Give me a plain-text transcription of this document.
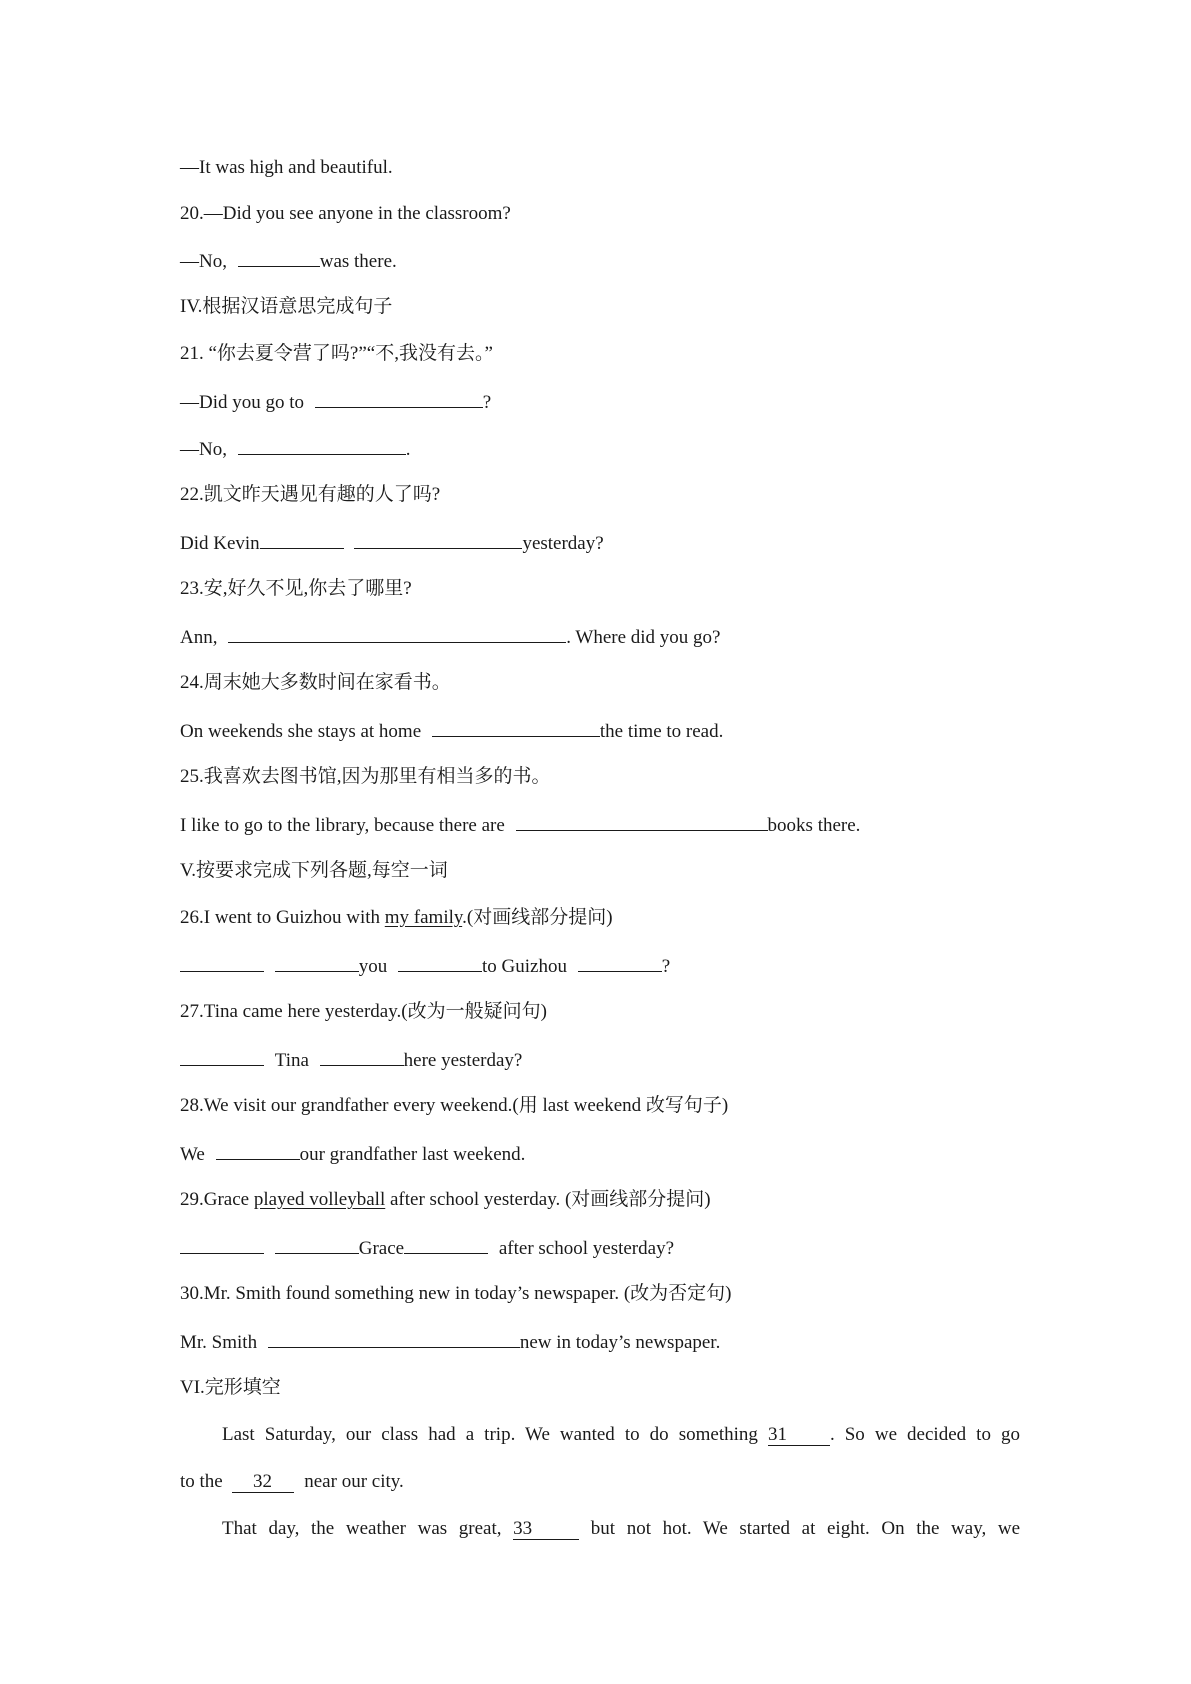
—It was high and beautiful.
20.—Did you see anyone in the classroom?
—No,	was there.
IV.根据汉语意思完成句子
21. “你去夏令营了吗?”“不,我没有去。”
—Did you go to	?
—No,	.
22.凯文昨天遇见有趣的人了吗?
Did Kevin	yesterday?
23.安,好久不见,你去了哪里?
Ann,	. Where did you go?
24.周末她大多数时间在家看书。
On weekends she stays at home	the time to read.
25.我喜欢去图书馆,因为那里有相当多的书。
I like to go to the library, because there are	books there.
V.按要求完成下列各题,每空一词
26.I went to Guizhou with my family.(对画线部分提问)
you	to Guizhou	?
27.Tina came here yesterday.(改为一般疑问句)
Tina	here yesterday?
28.We visit our grandfather every weekend.(用 last weekend 改写句子)
We	our grandfather last weekend.
29.Grace played volleyball after school yesterday. (对画线部分提问)
Grace	after school yesterday?
30.Mr. Smith found something new in today’s newspaper. (改为否定句)
Mr. Smith	new in today’s newspaper.
VI.完形填空
Last Saturday, our class had a trip. We wanted to do something 31 . So we decided to go
to the 32 near our city.
That day, the weather was great, 33	but not hot. We started at eight. On the way, we
